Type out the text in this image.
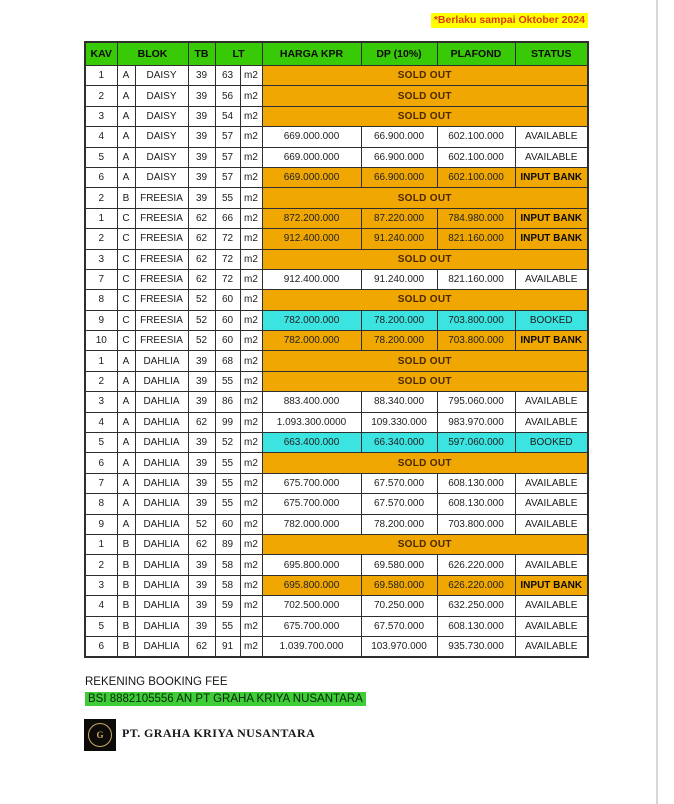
*Berlaku sampai Oktober 2024
KAV	BLOK		TB	LT		HARGA KPR	DP (10%)	PLAFOND	STATUS
1	A	DAISY	39	63	m2	SOLD OUT			
2	A	DAISY	39	56	m2	SOLD OUT			
3	A	DAISY	39	54	m2	SOLD OUT			
4	A	DAISY	39	57	m2	669.000.000	66.900.000	602.100.000	AVAILABLE
5	A	DAISY	39	57	m2	669.000.000	66.900.000	602.100.000	AVAILABLE
6	A	DAISY	39	57	m2	669.000.000	66.900.000	602.100.000	INPUT BANK
2	B	FREESIA	39	55	m2	SOLD OUT			
1	C	FREESIA	62	66	m2	872.200.000	87.220.000	784.980.000	INPUT BANK
2	C	FREESIA	62	72	m2	912.400.000	91.240.000	821.160.000	INPUT BANK
3	C	FREESIA	62	72	m2	SOLD OUT			
7	C	FREESIA	62	72	m2	912.400.000	91.240.000	821.160.000	AVAILABLE
8	C	FREESIA	52	60	m2	SOLD OUT			
9	C	FREESIA	52	60	m2	782.000.000	78.200.000	703.800.000	BOOKED
10	C	FREESIA	52	60	m2	782.000.000	78.200.000	703.800.000	INPUT BANK
1	A	DAHLIA	39	68	m2	SOLD OUT			
2	A	DAHLIA	39	55	m2	SOLD OUT			
3	A	DAHLIA	39	86	m2	883.400.000	88.340.000	795.060.000	AVAILABLE
4	A	DAHLIA	62	99	m2	1.093.300.0000	109.330.000	983.970.000	AVAILABLE
5	A	DAHLIA	39	52	m2	663.400.000	66.340.000	597.060.000	BOOKED
6	A	DAHLIA	39	55	m2	SOLD OUT			
7	A	DAHLIA	39	55	m2	675.700.000	67.570.000	608.130.000	AVAILABLE
8	A	DAHLIA	39	55	m2	675.700.000	67.570.000	608.130.000	AVAILABLE
9	A	DAHLIA	52	60	m2	782.000.000	78.200.000	703.800.000	AVAILABLE
1	B	DAHLIA	62	89	m2	SOLD OUT			
2	B	DAHLIA	39	58	m2	695.800.000	69.580.000	626.220.000	AVAILABLE
3	B	DAHLIA	39	58	m2	695.800.000	69.580.000	626.220.000	INPUT BANK
4	B	DAHLIA	39	59	m2	702.500.000	70.250.000	632.250.000	AVAILABLE
5	B	DAHLIA	39	55	m2	675.700.000	67.570.000	608.130.000	AVAILABLE
6	B	DAHLIA	62	91	m2	1.039.700.000	103.970.000	935.730.000	AVAILABLE
REKENING BOOKING FEE
BSI 8882105556 AN PT GRAHA KRIYA NUSANTARA
G PT. GRAHA KRIYA NUSANTARA
